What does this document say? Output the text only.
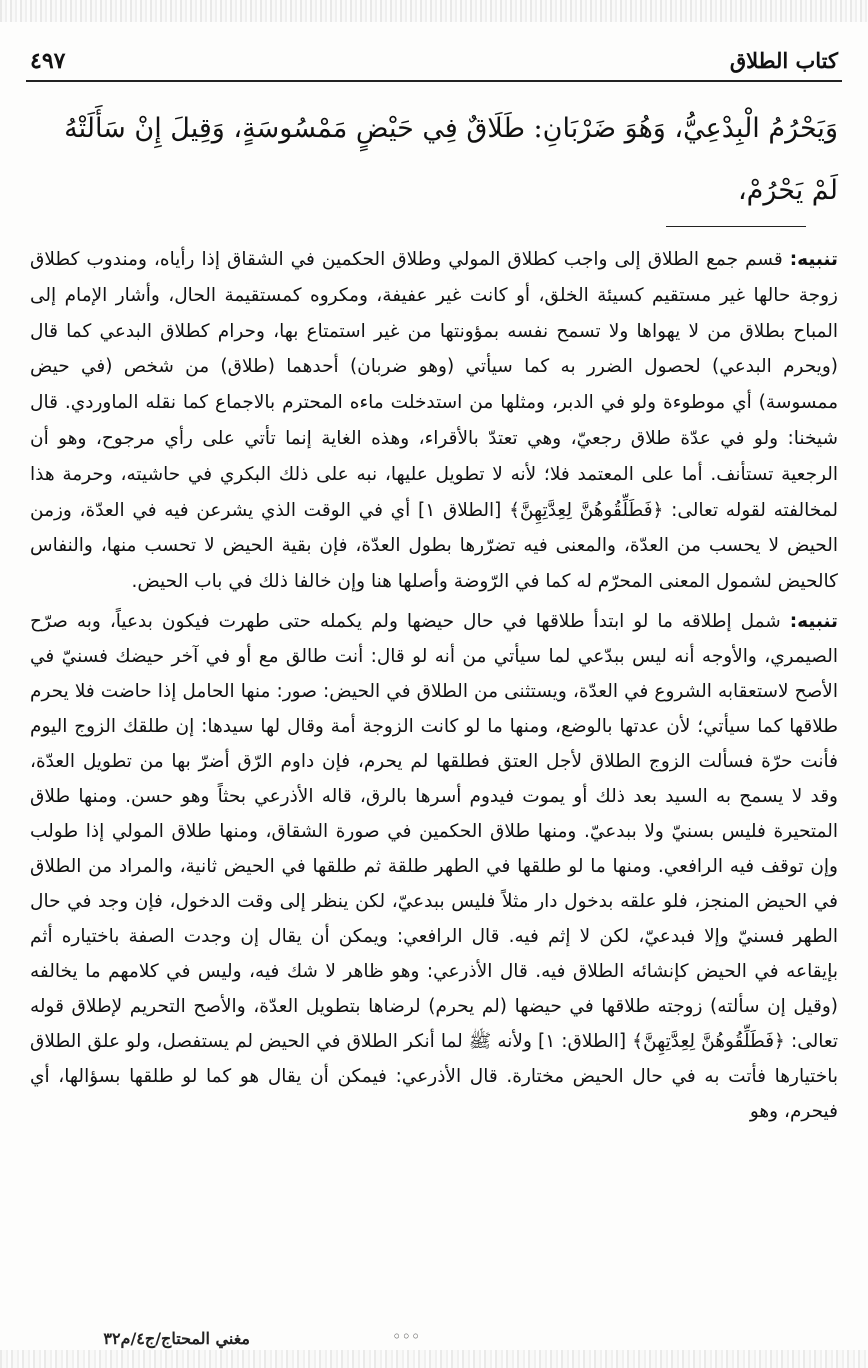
كتاب الطلاق
٤٩٧
وَيَحْرُمُ الْبِدْعِيُّ، وَهُوَ ضَرْبَانِ: طَلَاقٌ فِي حَيْضٍ مَمْسُوسَةٍ، وَقِيلَ إِنْ سَأَلَتْهُ لَمْ يَحْرُمْ،

تنبيه: قسم جمع الطلاق إلى واجب كطلاق المولي وطلاق الحكمين في الشقاق إذا رأياه، ومندوب كطلاق زوجة حالها غير مستقيم كسيئة الخلق، أو كانت غير عفيفة، ومكروه كمستقيمة الحال، وأشار الإمام إلى المباح بطلاق من لا يهواها ولا تسمح نفسه بمؤونتها من غير استمتاع بها، وحرام كطلاق البدعي كما قال (ويحرم البدعي) لحصول الضرر به كما سيأتي (وهو ضربان) أحدهما (طلاق) من شخص (في حيض ممسوسة) أي موطوءة ولو في الدبر، ومثلها من استدخلت ماءه المحترم بالاجماع كما نقله الماوردي. قال شيخنا: ولو في عدّة طلاق رجعيّ، وهي تعتدّ بالأقراء، وهذه الغاية إنما تأتي على رأي مرجوح، وهو أن الرجعية تستأنف. أما على المعتمد فلا؛ لأنه لا تطويل عليها، نبه على ذلك البكري في حاشيته، وحرمة هذا لمخالفته لقوله تعالى: ﴿فَطَلِّقُوهُنَّ لِعِدَّتِهِنَّ﴾ [الطلاق ١] أي في الوقت الذي يشرعن فيه في العدّة، وزمن الحيض لا يحسب من العدّة، والمعنى فيه تضرّرها بطول العدّة، فإن بقية الحيض لا تحسب منها، والنفاس كالحيض لشمول المعنى المحرّم له كما في الرّوضة وأصلها هنا وإن خالفا ذلك في باب الحيض.

تنبيه: شمل إطلاقه ما لو ابتدأ طلاقها في حال حيضها ولم يكمله حتى طهرت فيكون بدعياً، وبه صرّح الصيمري، والأوجه أنه ليس ببدّعي لما سيأتي من أنه لو قال: أنت طالق مع أو في آخر حيضك فسنيّ في الأصح لاستعقابه الشروع في العدّة، ويستثنى من الطلاق في الحيض: صور: منها الحامل إذا حاضت فلا يحرم طلاقها كما سيأتي؛ لأن عدتها بالوضع، ومنها ما لو كانت الزوجة أمة وقال لها سيدها: إن طلقك الزوج اليوم فأنت حرّة فسألت الزوج الطلاق لأجل العتق فطلقها لم يحرم، فإن داوم الرّق أضرّ بها من تطويل العدّة، وقد لا يسمح به السيد بعد ذلك أو يموت فيدوم أسرها بالرق، قاله الأذرعي بحثاً وهو حسن. ومنها طلاق المتحيرة فليس بسنيّ ولا ببدعيّ. ومنها طلاق الحكمين في صورة الشقاق، ومنها طلاق المولي إذا طولب وإن توقف فيه الرافعي. ومنها ما لو طلقها في الطهر طلقة ثم طلقها في الحيض ثانية، والمراد من الطلاق في الحيض المنجز، فلو علقه بدخول دار مثلاً فليس ببدعيّ، لكن ينظر إلى وقت الدخول، فإن وجد في حال الطهر فسنيّ وإلا فبدعيّ، لكن لا إثم فيه. قال الرافعي: ويمكن أن يقال إن وجدت الصفة باختياره أثم بإيقاعه في الحيض كإنشائه الطلاق فيه. قال الأذرعي: وهو ظاهر لا شك فيه، وليس في كلامهم ما يخالفه (وقيل إن سألته) زوجته طلاقها في حيضها (لم يحرم) لرضاها بتطويل العدّة، والأصح التحريم لإطلاق قوله تعالى: ﴿فَطَلِّقُوهُنَّ لِعِدَّتِهِنَّ﴾ [الطلاق: ١] ولأنه ﷺ لما أنكر الطلاق في الحيض لم يستفصل، ولو علق الطلاق باختيارها فأتت به في حال الحيض مختارة. قال الأذرعي: فيمكن أن يقال هو كما لو طلقها بسؤالها، أي فيحرم، وهو

مغني المحتاج/ج٤/م٣٢	◦◦◦
